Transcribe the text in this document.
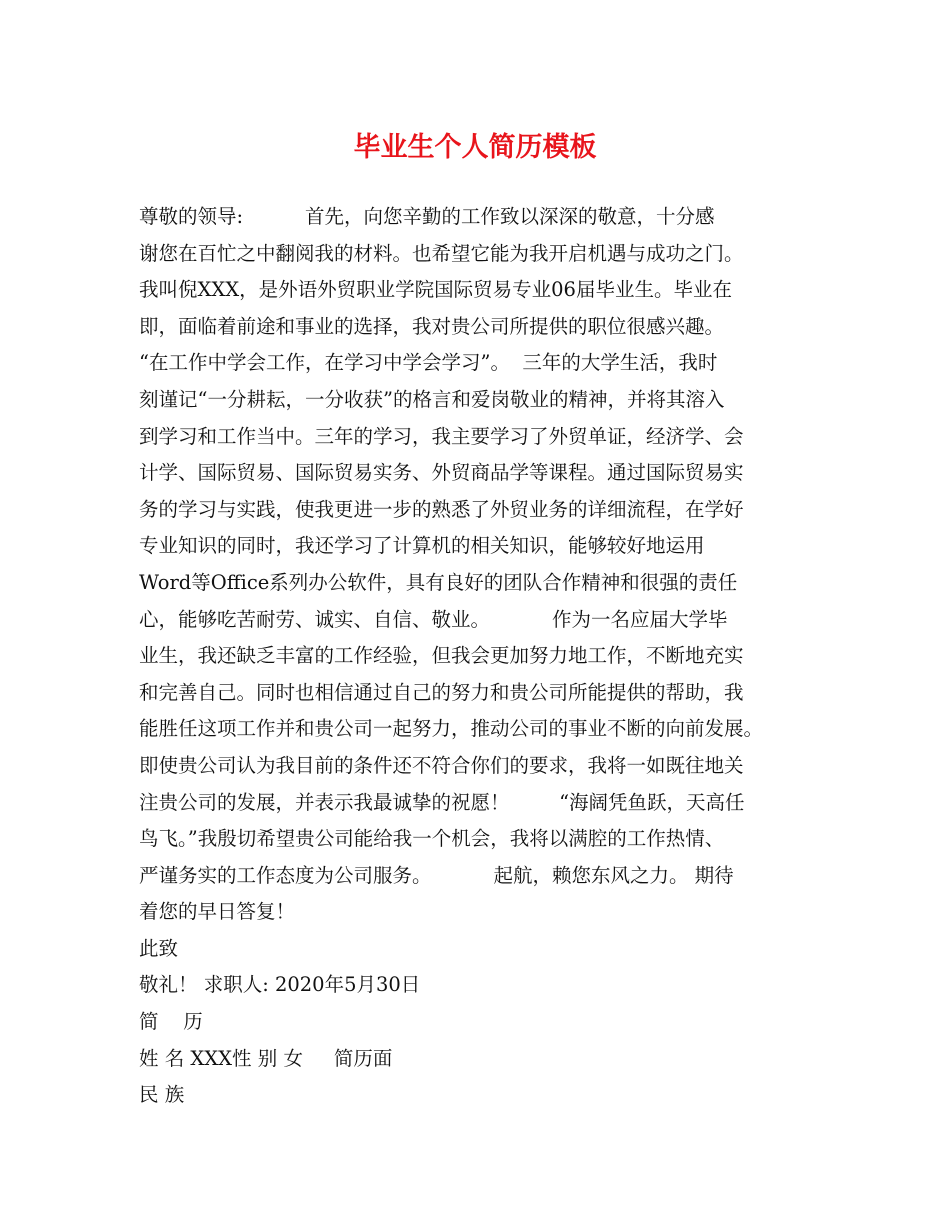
毕业生个人简历模板
尊敬的领导:          首先，向您辛勤的工作致以深深的敬意，十分感
谢您在百忙之中翻阅我的材料。也希望它能为我开启机遇与成功之门。
我叫倪XXX，是外语外贸职业学院国际贸易专业06届毕业生。毕业在
即，面临着前途和事业的选择，我对贵公司所提供的职位很感兴趣。
“在工作中学会工作，在学习中学会学习”。  三年的大学生活，我时
刻谨记“一分耕耘，一分收获”的格言和爱岗敬业的精神，并将其溶入
到学习和工作当中。三年的学习，我主要学习了外贸单证，经济学、会
计学、国际贸易、国际贸易实务、外贸商品学等课程。通过国际贸易实
务的学习与实践，使我更进一步的熟悉了外贸业务的详细流程，在学好
专业知识的同时，我还学习了计算机的相关知识，能够较好地运用
Word等Office系列办公软件，具有良好的团队合作精神和很强的责任
心，能够吃苦耐劳、诚实、自信、敬业。          作为一名应届大学毕
业生，我还缺乏丰富的工作经验，但我会更加努力地工作，不断地充实
和完善自己。同时也相信通过自己的努力和贵公司所能提供的帮助，我
能胜任这项工作并和贵公司一起努力，推动公司的事业不断的向前发展。
即使贵公司认为我目前的条件还不符合你们的要求，我将一如既往地关
注贵公司的发展，并表示我最诚挚的祝愿！        “海阔凭鱼跃，天高任
鸟飞。”我殷切希望贵公司能给我一个机会，我将以满腔的工作热情、
严谨务实的工作态度为公司服务。          起航，赖您东风之力。 期待
着您的早日答复！
此致
敬礼！ 求职人: 2020年5月30日
简    历
姓 名 XXX性 别 女     简历面
民 族
